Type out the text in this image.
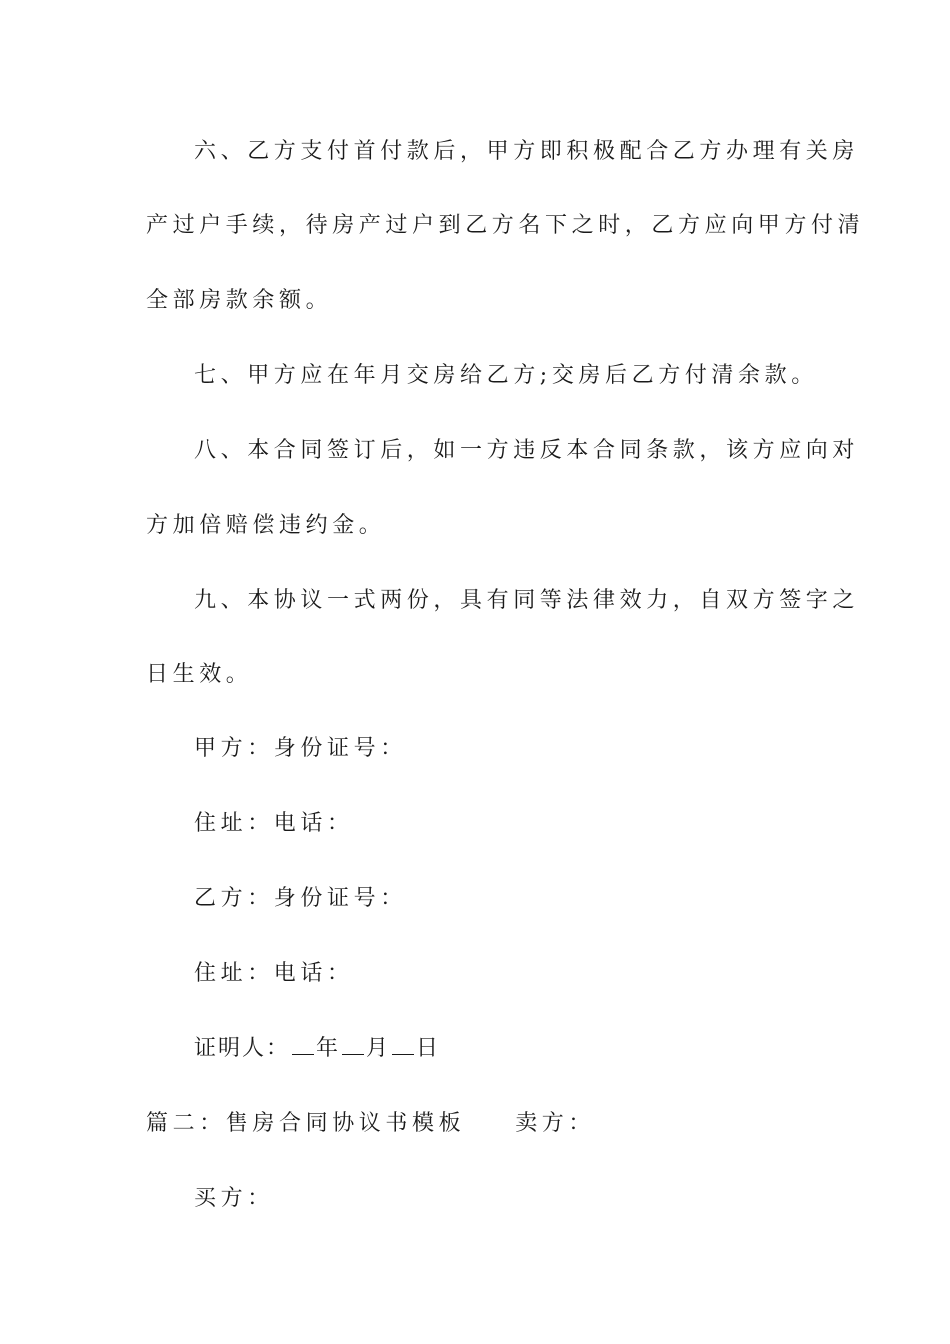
六、乙方支付首付款后，甲方即积极配合乙方办理有关房
产过户手续，待房产过户到乙方名下之时，乙方应向甲方付清
全部房款余额。
七、甲方应在年月交房给乙方;交房后乙方付清余款。
八、本合同签订后，如一方违反本合同条款，该方应向对
方加倍赔偿违约金。
九、本协议一式两份，具有同等法律效力，自双方签字之
日生效。
甲方：身份证号：
住址：电话：
乙方：身份证号：
住址：电话：
证明人： 年 月 日
篇二：售房合同协议书模板 卖方：
买方：
